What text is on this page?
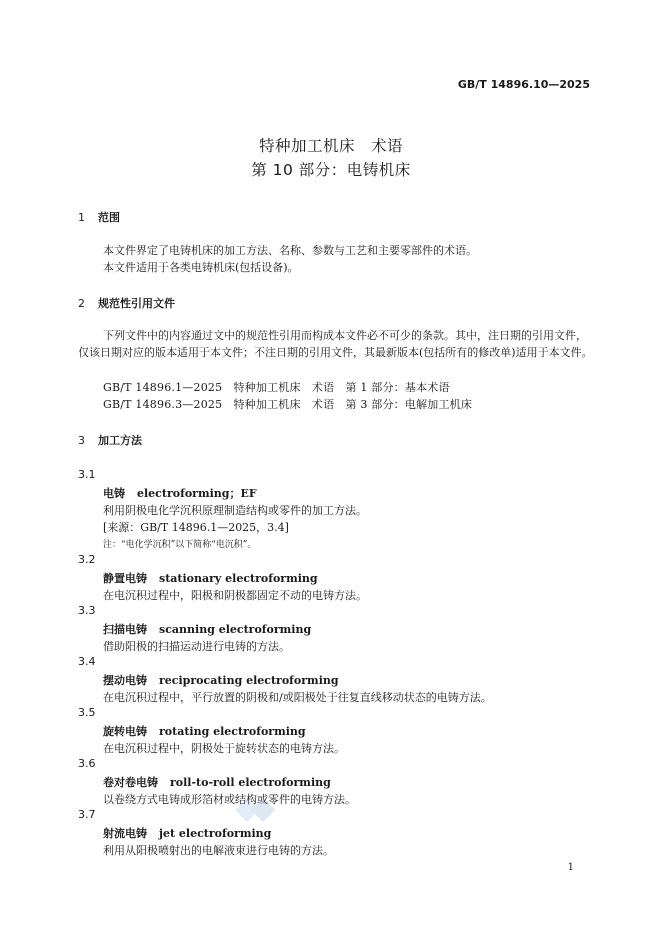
GB/T 14896.10—2025
特种加工机床　术语
第 10 部分：电铸机床
1 范围
本文件界定了电铸机床的加工方法、名称、参数与工艺和主要零部件的术语。
本文件适用于各类电铸机床(包括设备)。
2 规范性引用文件
下列文件中的内容通过文中的规范性引用而构成本文件必不可少的条款。其中，注日期的引用文件，仅该日期对应的版本适用于本文件；不注日期的引用文件，其最新版本(包括所有的修改单)适用于本文件。
GB/T 14896.1—2025　特种加工机床　术语　第 1 部分：基本术语
GB/T 14896.3—2025　特种加工机床　术语　第 3 部分：电解加工机床
3 加工方法
3.1
电铸 electroforming；EF
利用阴极电化学沉积原理制造结构或零件的加工方法。
[来源：GB/T 14896.1—2025，3.4]
注：“电化学沉积”以下简称“电沉积”。
3.2
静置电铸 stationary electroforming
在电沉积过程中，阳极和阴极都固定不动的电铸方法。
3.3
扫描电铸 scanning electroforming
借助阳极的扫描运动进行电铸的方法。
3.4
摆动电铸 reciprocating electroforming
在电沉积过程中，平行放置的阴极和/或阳极处于往复直线移动状态的电铸方法。
3.5
旋转电铸 rotating electroforming
在电沉积过程中，阴极处于旋转状态的电铸方法。
3.6
卷对卷电铸 roll-to-roll electroforming
以卷绕方式电铸成形箔材或结构或零件的电铸方法。
3.7
射流电铸 jet electroforming
利用从阳极喷射出的电解液束进行电铸的方法。
1
